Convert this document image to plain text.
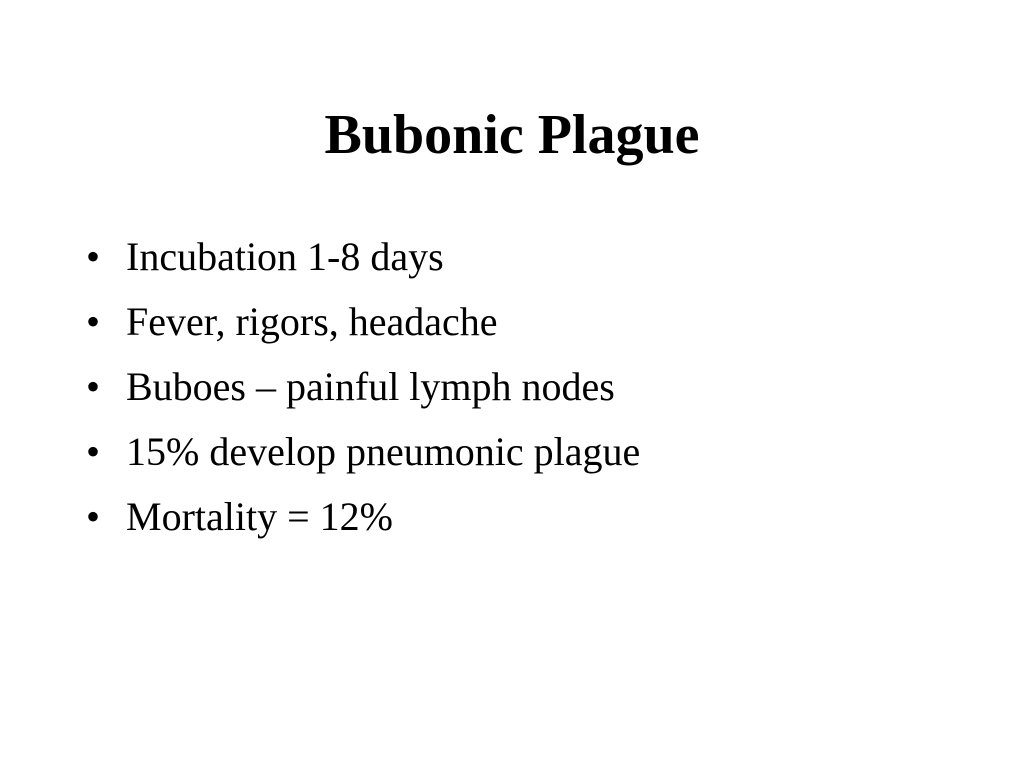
Bubonic Plague
• Incubation 1-8 days
• Fever, rigors, headache
• Buboes – painful lymph nodes
• 15% develop pneumonic plague
• Mortality = 12%
